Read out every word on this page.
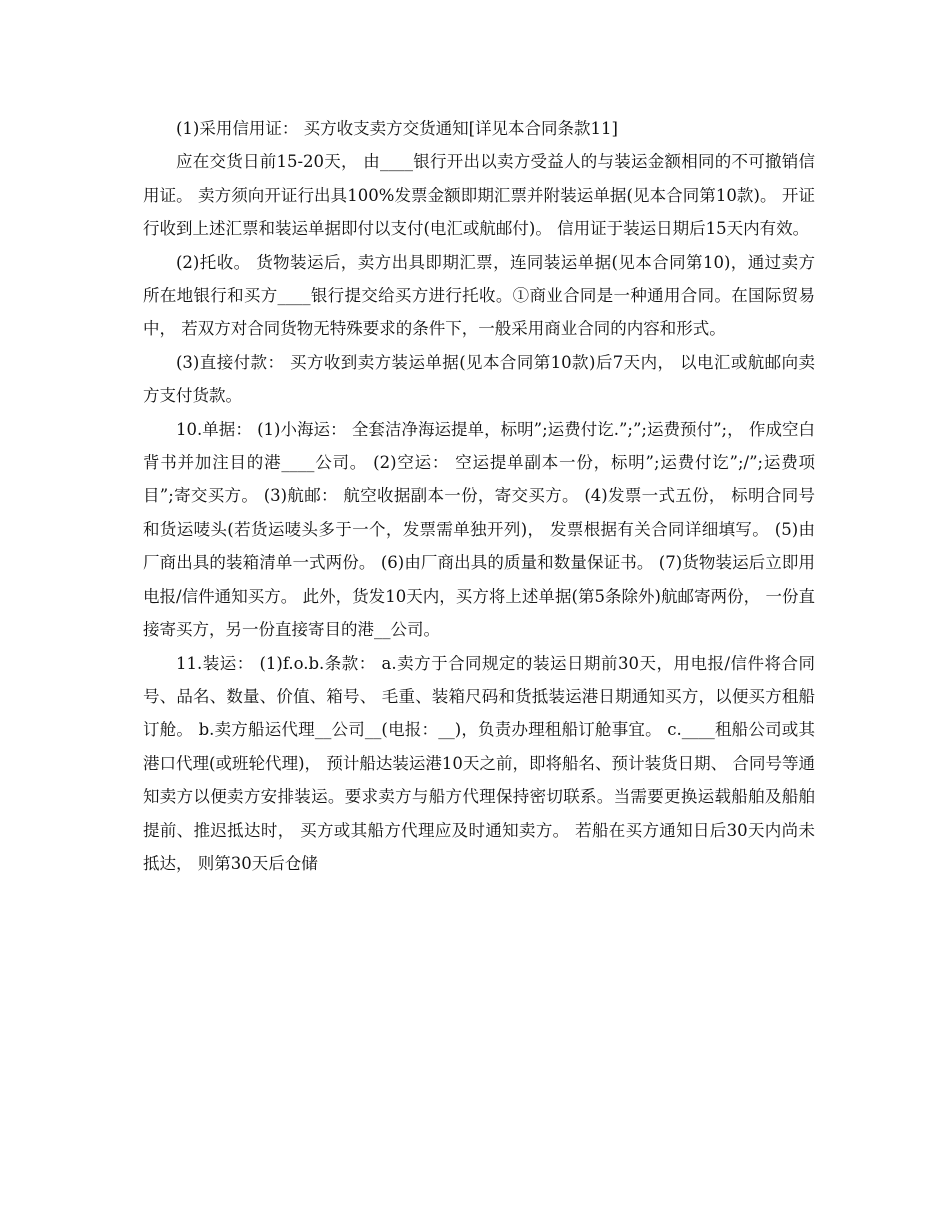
(1)采用信用证： 买方收支卖方交货通知[详见本合同条款11]

应在交货日前15-20天， 由____银行开出以卖方受益人的与装运金额相同的不可撤销信用证。 卖方须向开证行出具100%发票金额即期汇票并附装运单据(见本合同第10款)。 开证行收到上述汇票和装运单据即付以支付(电汇或航邮付)。 信用证于装运日期后15天内有效。

(2)托收。 货物装运后，卖方出具即期汇票，连同装运单据(见本合同第10)，通过卖方所在地银行和买方____银行提交给买方进行托收。①商业合同是一种通用合同。在国际贸易中， 若双方对合同货物无特殊要求的条件下，一般采用商业合同的内容和形式。

(3)直接付款： 买方收到卖方装运单据(见本合同第10款)后7天内， 以电汇或航邮向卖方支付货款。

10.单据： (1)小海运： 全套洁净海运提单，标明”;运费付讫.”;”;运费预付”;， 作成空白背书并加注目的港____公司。 (2)空运： 空运提单副本一份，标明”;运费付讫”;/”;运费项目”;寄交买方。 (3)航邮： 航空收据副本一份，寄交买方。 (4)发票一式五份， 标明合同号和货运唛头(若货运唛头多于一个，发票需单独开列)， 发票根据有关合同详细填写。 (5)由厂商出具的装箱清单一式两份。 (6)由厂商出具的质量和数量保证书。 (7)货物装运后立即用电报/信件通知买方。 此外，货发10天内，买方将上述单据(第5条除外)航邮寄两份， 一份直接寄买方，另一份直接寄目的港__公司。

11.装运： (1)f.o.b.条款： a.卖方于合同规定的装运日期前30天，用电报/信件将合同号、品名、数量、价值、箱号、 毛重、装箱尺码和货抵装运港日期通知买方，以便买方租船订舱。 b.卖方船运代理__公司__(电报：__)，负责办理租船订舱事宜。 c.____租船公司或其港口代理(或班轮代理)， 预计船达装运港10天之前，即将船名、预计装货日期、 合同号等通知卖方以便卖方安排装运。要求卖方与船方代理保持密切联系。当需要更换运载船舶及船舶提前、推迟抵达时， 买方或其船方代理应及时通知卖方。 若船在买方通知日后30天内尚未抵达， 则第30天后仓储
